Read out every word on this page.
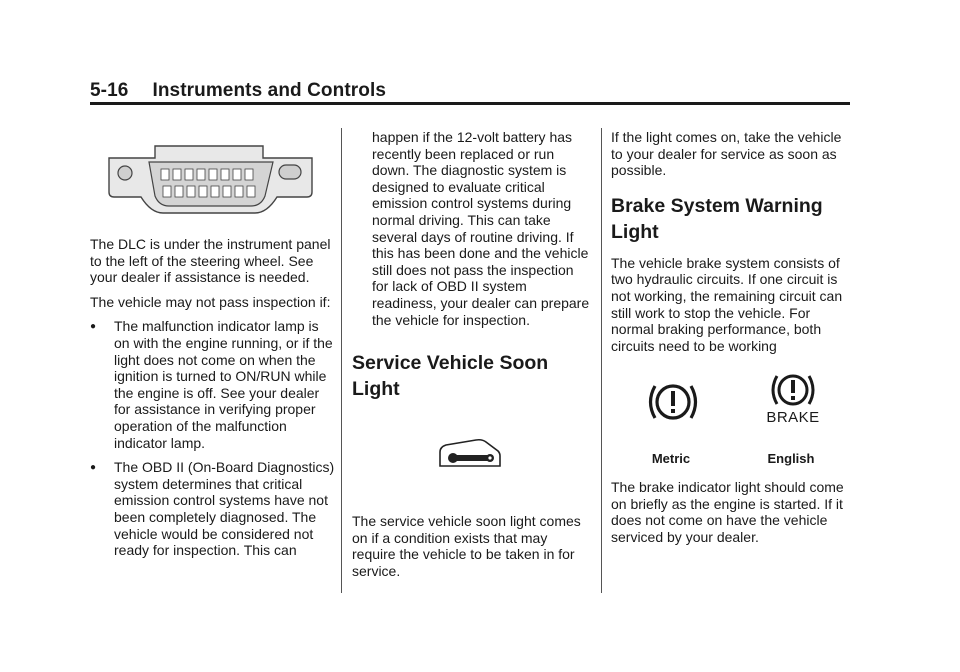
5-16 Instruments and Controls

The DLC is under the instrument panel to the left of the steering wheel. See your dealer if assistance is needed.

The vehicle may not pass inspection if:

●	The malfunction indicator lamp is on with the engine running, or if the light does not come on when the ignition is turned to ON/RUN while the engine is off. See your dealer for assistance in verifying proper operation of the malfunction indicator lamp.
●	The OBD II (On-Board Diagnostics) system determines that critical emission control systems have not been completely diagnosed. The vehicle would be considered not ready for inspection. This can

happen if the 12-volt battery has recently been replaced or run down. The diagnostic system is designed to evaluate critical emission control systems during normal driving. This can take several days of routine driving. If this has been done and the vehicle still does not pass the inspection for lack of OBD II system readiness, your dealer can prepare the vehicle for inspection.

Service Vehicle Soon Light

The service vehicle soon light comes on if a condition exists that may require the vehicle to be taken in for service.

If the light comes on, take the vehicle to your dealer for service as soon as possible.

Brake System Warning Light

The vehicle brake system consists of two hydraulic circuits. If one circuit is not working, the remaining circuit can still work to stop the vehicle. For normal braking performance, both circuits need to be working

BRAKE
Metric	English

The brake indicator light should come on briefly as the engine is started. If it does not come on have the vehicle serviced by your dealer.
